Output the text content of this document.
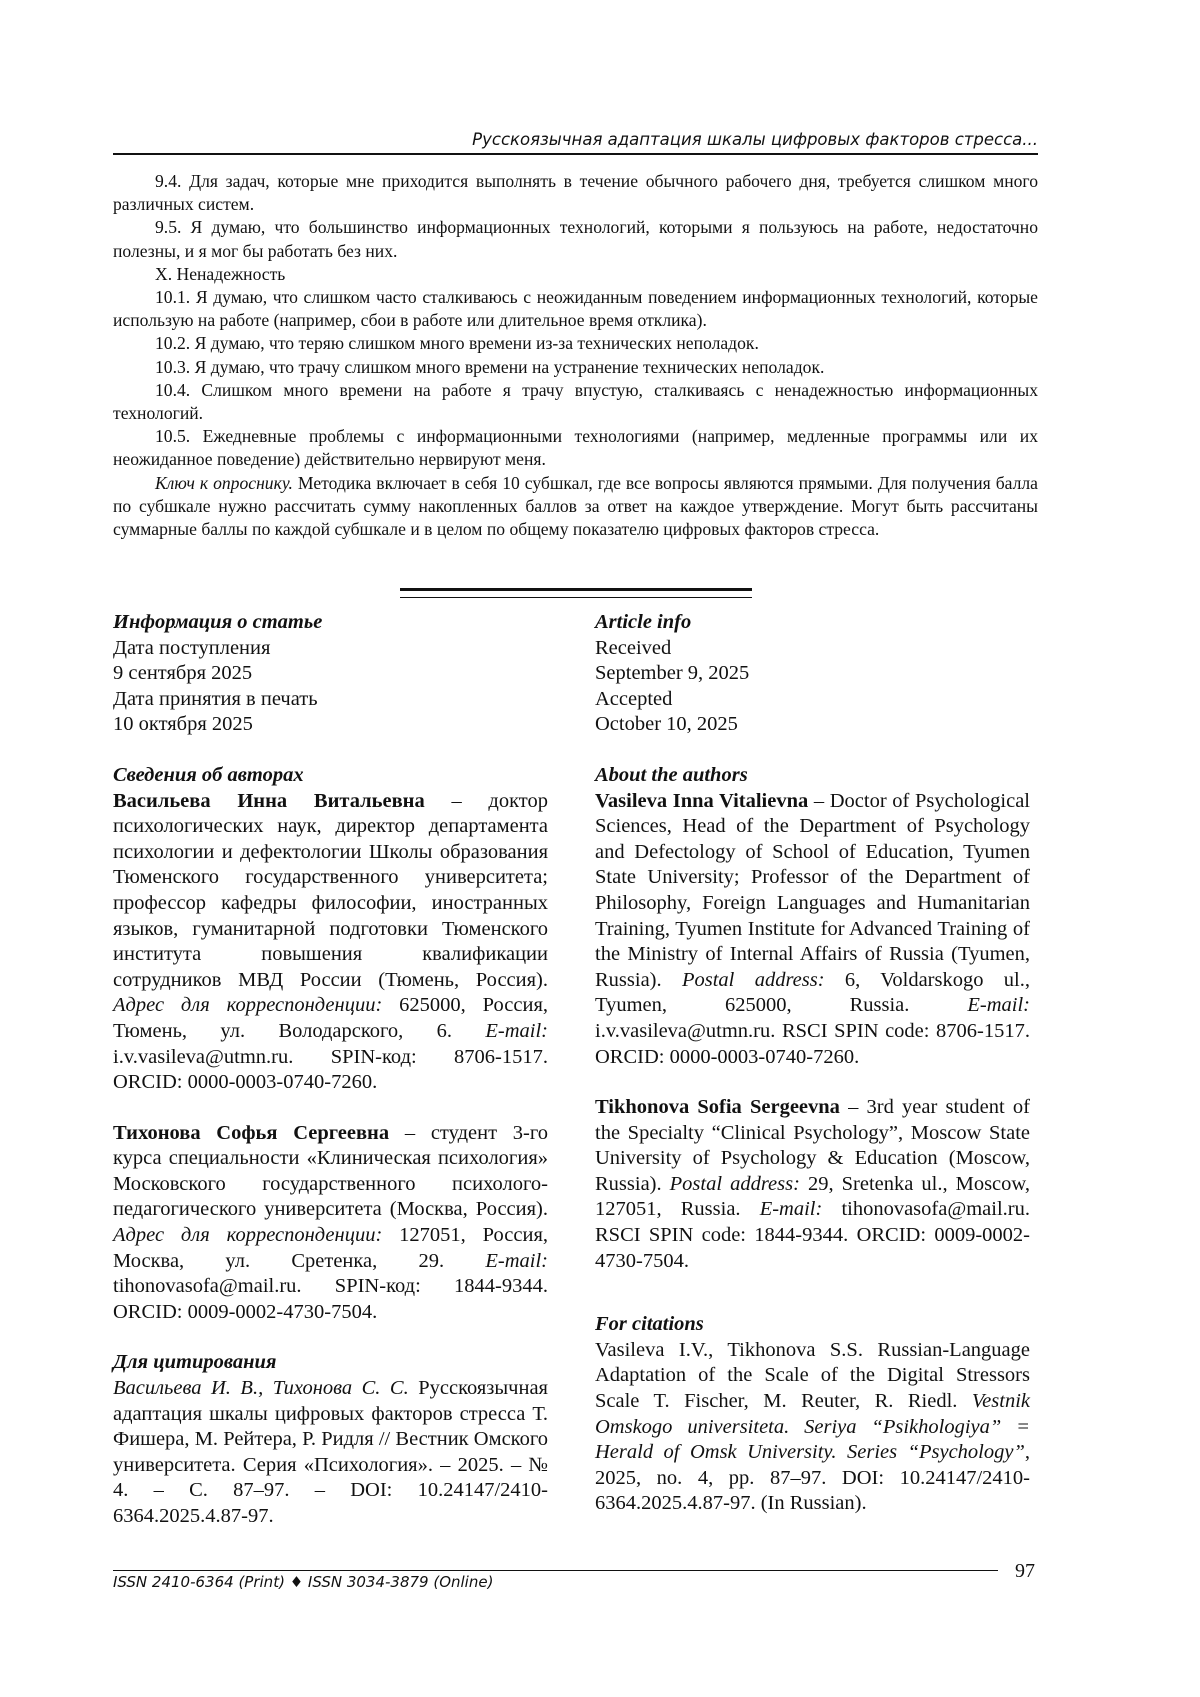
Русскоязычная адаптация шкалы цифровых факторов стресса...

9.4. Для задач, которые мне приходится выполнять в течение обычного рабочего дня, требуется слишком много различных систем.

9.5. Я думаю, что большинство информационных технологий, которыми я пользуюсь на работе, недостаточно полезны, и я мог бы работать без них.

X. Ненадежность

10.1. Я думаю, что слишком часто сталкиваюсь с неожиданным поведением информационных технологий, которые использую на работе (например, сбои в работе или длительное время отклика).

10.2. Я думаю, что теряю слишком много времени из-за технических неполадок.

10.3. Я думаю, что трачу слишком много времени на устранение технических неполадок.

10.4. Слишком много времени на работе я трачу впустую, сталкиваясь с ненадежностью информационных технологий.

10.5. Ежедневные проблемы с информационными технологиями (например, медленные программы или их неожиданное поведение) действительно нервируют меня.

Ключ к опроснику. Методика включает в себя 10 субшкал, где все вопросы являются прямыми. Для получения балла по субшкале нужно рассчитать сумму накопленных баллов за ответ на каждое утверждение. Могут быть рассчитаны суммарные баллы по каждой субшкале и в целом по общему показателю цифровых факторов стресса.

Информация о статье

Дата поступления

9 сентября 2025

Дата принятия в печать

10 октября 2025

Сведения об авторах

Васильева Инна Витальевна – доктор психологических наук, директор департамента психологии и дефектологии Школы образования Тюменского государственного университета; профессор кафедры философии, иностранных языков, гуманитарной подготовки Тюменского института повышения квалификации сотрудников МВД России (Тюмень, Россия). Адрес для корреспонденции: 625000, Россия, Тюмень, ул. Володарского, 6. E-mail: i.v.vasileva@utmn.ru. SPIN-код: 8706-1517. ORCID: 0000-0003-0740-7260.

Тихонова Софья Сергеевна – студент 3-го курса специальности «Клиническая психология» Московского государственного психолого-педагогического университета (Москва, Россия). Адрес для корреспонденции: 127051, Россия, Москва, ул. Сретенка, 29. E-mail: tihonovasofa@mail.ru. SPIN-код: 1844-9344. ORCID: 0009-0002-4730-7504.

Для цитирования

Васильева И. В., Тихонова С. С. Русскоязычная адаптация шкалы цифровых факторов стресса Т. Фишера, М. Рейтера, Р. Ридля // Вестник Омского университета. Серия «Психология». – 2025. – № 4. – С. 87–97. – DOI: 10.24147/2410-6364.2025.4.87-97.

Article info

Received

September 9, 2025

Accepted

October 10, 2025

About the authors

Vasileva Inna Vitalievna – Doctor of Psychological Sciences, Head of the Department of Psychology and Defectology of School of Education, Tyumen State University; Professor of the Department of Philosophy, Foreign Languages and Humanitarian Training, Tyumen Institute for Advanced Training of the Ministry of Internal Affairs of Russia (Tyumen, Russia). Postal address: 6, Voldarskogo ul., Tyumen, 625000, Russia. E-mail: i.v.vasileva@utmn.ru. RSCI SPIN code: 8706-1517. ORCID: 0000-0003-0740-7260.

Tikhonova Sofia Sergeevna – 3rd year student of the Specialty “Clinical Psychology”, Moscow State University of Psychology & Education (Moscow, Russia). Postal address: 29, Sretenka ul., Moscow, 127051, Russia. E-mail: tihonovasofa@mail.ru. RSCI SPIN code: 1844-9344. ORCID: 0009-0002-4730-7504.

For citations

Vasileva I.V., Tikhonova S.S. Russian-Language Adaptation of the Scale of the Digital Stressors Scale T. Fischer, M. Reuter, R. Riedl. Vestnik Omskogo universiteta. Seriya “Psikhologiya” = Herald of Omsk University. Series “Psychology”, 2025, no. 4, pp. 87–97. DOI: 10.24147/2410-6364.2025.4.87-97. (In Russian).

ISSN 2410-6364 (Print) ♦ ISSN 3034-3879 (Online)	97
